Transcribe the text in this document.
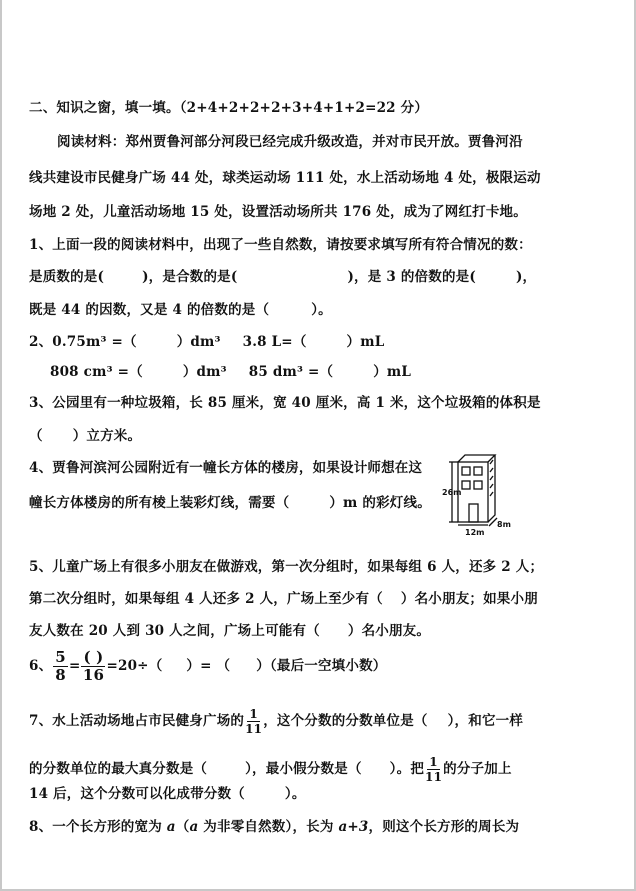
二、知识之窗，填一填。（2+4+2+2+2+3+4+1+2=22 分）
阅读材料：郑州贾鲁河部分河段已经完成升级改造，并对市民开放。贾鲁河沿
线共建设市民健身广场 44 处，球类运动场 111 处，水上活动场地 4 处，极限运动
场地 2 处，儿童活动场地 15 处，设置活动场所共 176 处，成为了网红打卡地。
1、上面一段的阅读材料中，出现了一些自然数，请按要求填写所有符合情况的数：
是质数的是(	)，是合数的是(	)，是 3 的倍数的是(	)，
既是 44 的因数，又是 4 的倍数的是（	）。
2、0.75m³ =（	）dm³ 3.8 L=（	）mL
808 cm³ =（	）dm³ 85 dm³ =（	）mL
3、公园里有一种垃圾箱，长 85 厘米，宽 40 厘米，高 1 米，这个垃圾箱的体积是
（ ）立方米。
4、贾鲁河滨河公园附近有一幢长方体的楼房，如果设计师想在这
幢长方体楼房的所有棱上装彩灯线，需要（	）m 的彩灯线。
26m
12m
8m
5、儿童广场上有很多小朋友在做游戏，第一次分组时，如果每组 6 人，还多 2 人；
第二次分组时，如果每组 4 人还多 2 人，广场上至少有（ ）名小朋友；如果小朋
友人数在 20 人到 30 人之间，广场上可能有（ ）名小朋友。
6、 $\frac{5}{8} = \frac{( )}{16} =20\div$（ ）= （ ）（最后一空填小数）
7、水上活动场地占市民健身广场的 $\frac{1}{11}$ ，这个分数的分数单位是（ ），和它一样
的分数单位的最大真分数是（	），最小假分数是（ ）。把 $\frac{1}{11}$ 的分子加上
14 后，这个分数可以化成带分数（	）。
8、一个长方形的宽为 a（a 为非零自然数），长为 a+3，则这个长方形的周长为
